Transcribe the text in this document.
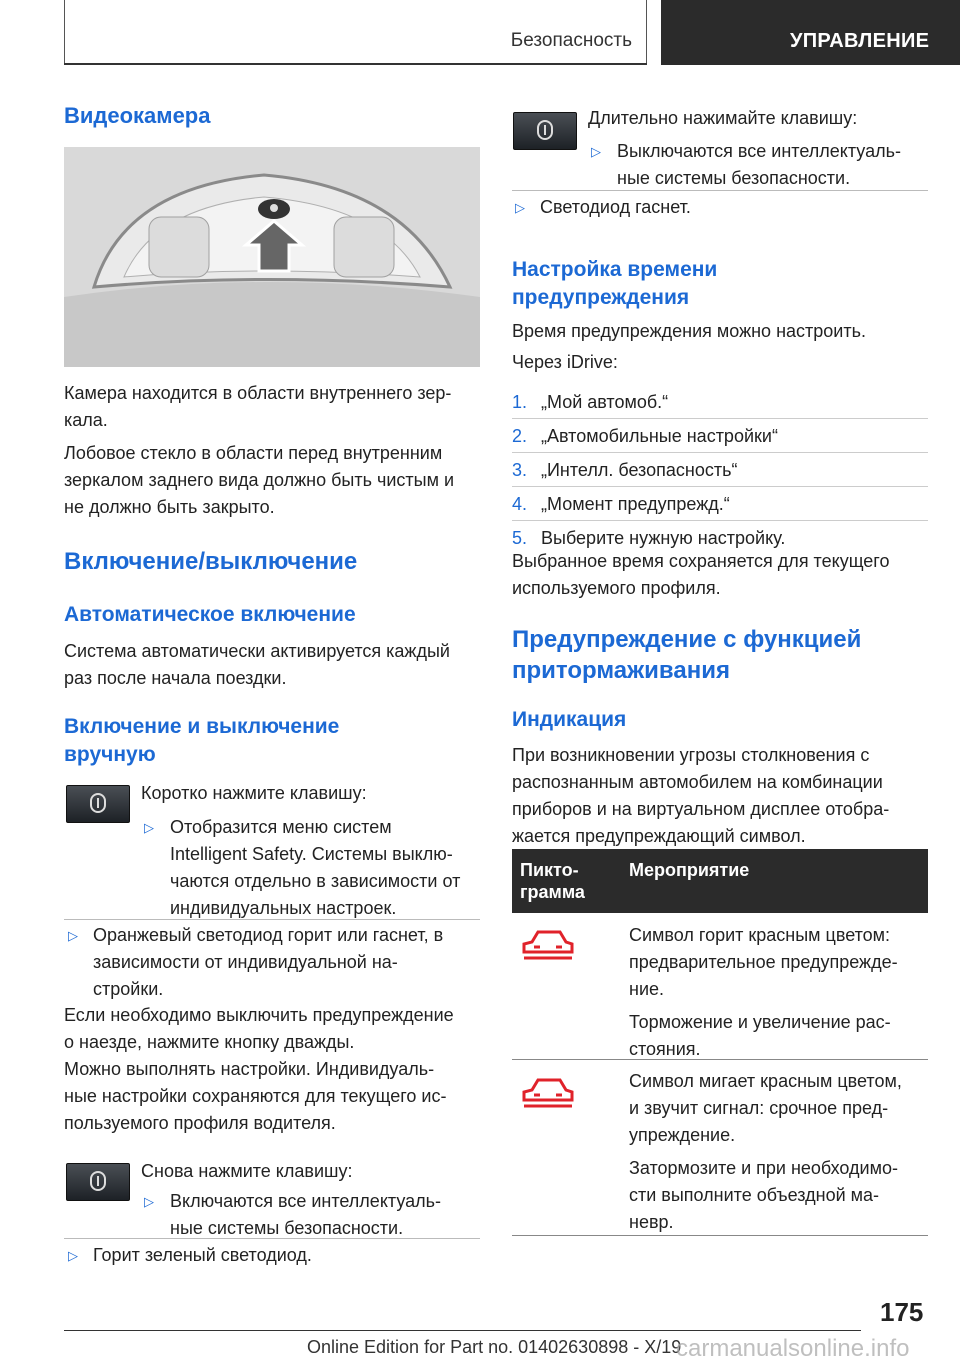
Безопасность	УПРАВЛЕНИЕ
Видеокамера

Камера находится в области внутреннего зер-

кала.

Лобовое стекло в области перед внутренним

зеркалом заднего вида должно быть чистым и

не должно быть закрыто.

Включение/выключение
Автоматическое включение

Система автоматически активируется каждый

раз после начала поездки.

Включение и выключение
вручную

Коротко нажмите клавишу:

▷ Отобразится меню систем

Intelligent Safety. Системы выклю-

чаются отдельно в зависимости от

индивидуальных настроек.

▷ Оранжевый светодиод горит или гаснет, в

зависимости от индивидуальной на-

стройки.

Если необходимо выключить предупреждение

о наезде, нажмите кнопку дважды.

Можно выполнять настройки. Индивидуаль-

ные настройки сохраняются для текущего ис-

пользуемого профиля водителя.

Снова нажмите клавишу:

▷ Включаются все интеллектуаль-

ные системы безопасности.

▷ Горит зеленый светодиод.

Длительно нажимайте клавишу:

▷ Выключаются все интеллектуаль-

ные системы безопасности.

▷ Светодиод гаснет.

Настройка времени
предупреждения

Время предупреждения можно настроить.

Через iDrive:

1. „Мой автомоб.“

2. „Автомобильные настройки“

3. „Интелл. безопасность“

4. „Момент предупрежд.“

5. Выберите нужную настройку.

Выбранное время сохраняется для текущего

используемого профиля.

Предупреждение с функцией
притормаживания
Индикация

При возникновении угрозы столкновения с

распознанным автомобилем на комбинации

приборов и на виртуальном дисплее отобра-

жается предупреждающий символ.

Пикто-
грамма
Мероприятие

Символ горит красным цветом:

предварительное предупрежде-

ние.

Торможение и увеличение рас-

стояния.

Символ мигает красным цветом,

и звучит сигнал: срочное пред-

упреждение.

Затормозите и при необходимо-

сти выполните объездной ма-

невр.

175
Online Edition for Part no. 01402630898 - X/19
carmanualsonline.info
